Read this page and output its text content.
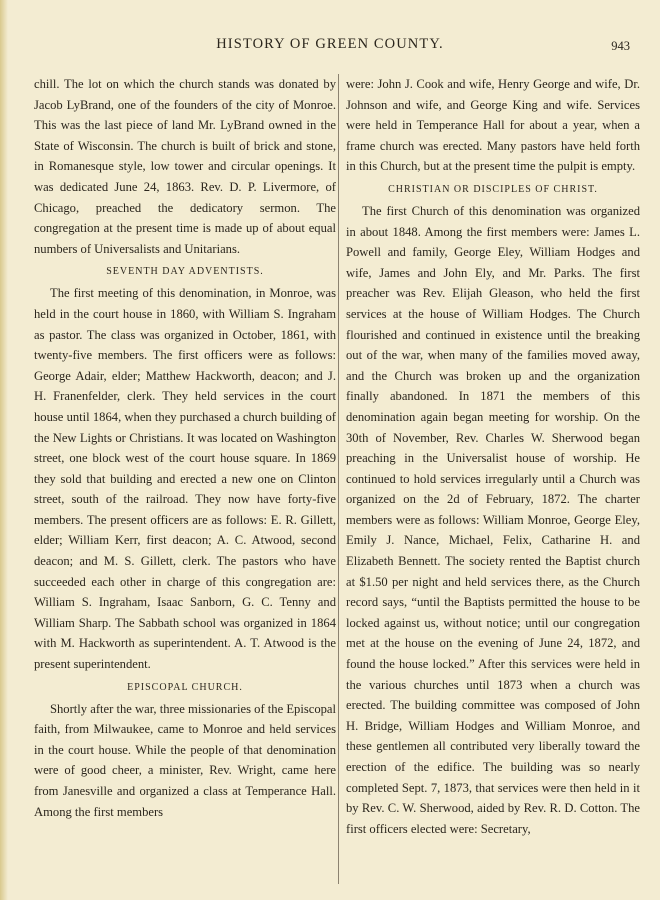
HISTORY OF GREEN COUNTY.	943

chill. The lot on which the church stands was donated by Jacob LyBrand, one of the founders of the city of Monroe. This was the last piece of land Mr. LyBrand owned in the State of Wisconsin. The church is built of brick and stone, in Romanesque style, low tower and circular openings. It was dedicated June 24, 1863. Rev. D. P. Livermore, of Chicago, preached the dedicatory sermon. The congregation at the present time is made up of about equal numbers of Universalists and Unitarians.

SEVENTH DAY ADVENTISTS.

The first meeting of this denomination, in Monroe, was held in the court house in 1860, with William S. Ingraham as pastor. The class was organized in October, 1861, with twenty-five members. The first officers were as follows: George Adair, elder; Matthew Hackworth, deacon; and J. H. Franenfelder, clerk. They held services in the court house until 1864, when they purchased a church building of the New Lights or Christians. It was located on Washington street, one block west of the court house square. In 1869 they sold that building and erected a new one on Clinton street, south of the railroad. They now have forty-five members. The present officers are as follows: E. R. Gillett, elder; William Kerr, first deacon; A. C. Atwood, second deacon; and M. S. Gillett, clerk. The pastors who have succeeded each other in charge of this congregation are: William S. Ingraham, Isaac Sanborn, G. C. Tenny and William Sharp. The Sabbath school was organized in 1864 with M. Hackworth as superintendent. A. T. Atwood is the present superintendent.

EPISCOPAL CHURCH.

Shortly after the war, three missionaries of the Episcopal faith, from Milwaukee, came to Monroe and held services in the court house. While the people of that denomination were of good cheer, a minister, Rev. Wright, came here from Janesville and organized a class at Temperance Hall. Among the first members

were: John J. Cook and wife, Henry George and wife, Dr. Johnson and wife, and George King and wife. Services were held in Temperance Hall for about a year, when a frame church was erected. Many pastors have held forth in this Church, but at the present time the pulpit is empty.

CHRISTIAN OR DISCIPLES OF CHRIST.

The first Church of this denomination was organized in about 1848. Among the first members were: James L. Powell and family, George Eley, William Hodges and wife, James and John Ely, and Mr. Parks. The first preacher was Rev. Elijah Gleason, who held the first services at the house of William Hodges. The Church flourished and continued in existence until the breaking out of the war, when many of the families moved away, and the Church was broken up and the organization finally abandoned. In 1871 the members of this denomination again began meeting for worship. On the 30th of November, Rev. Charles W. Sherwood began preaching in the Universalist house of worship. He continued to hold services irregularly until a Church was organized on the 2d of February, 1872. The charter members were as follows: William Monroe, George Eley, Emily J. Nance, Michael, Felix, Catharine H. and Elizabeth Bennett. The society rented the Baptist church at $1.50 per night and held services there, as the Church record says, “until the Baptists permitted the house to be locked against us, without notice; until our congregation met at the house on the evening of June 24, 1872, and found the house locked.” After this services were held in the various churches until 1873 when a church was erected. The building committee was composed of John H. Bridge, William Hodges and William Monroe, and these gentlemen all contributed very liberally toward the erection of the edifice. The building was so nearly completed Sept. 7, 1873, that services were then held in it by Rev. C. W. Sherwood, aided by Rev. R. D. Cotton. The first officers elected were: Secretary,
